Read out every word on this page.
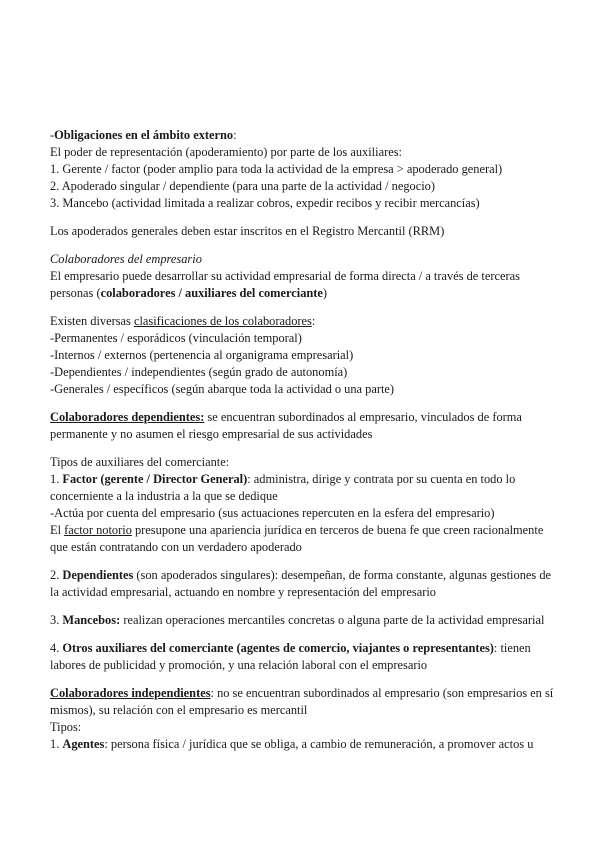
-Obligaciones en el ámbito externo:

El poder de representación (apoderamiento) por parte de los auxiliares:

1. Gerente / factor (poder amplio para toda la actividad de la empresa > apoderado general)

2. Apoderado singular / dependiente (para una parte de la actividad / negocio)

3. Mancebo (actividad limitada a realizar cobros, expedir recibos y recibir mercancías)

Los apoderados generales deben estar inscritos en el Registro Mercantil (RRM)

Colaboradores del empresario

El empresario puede desarrollar su actividad empresarial de forma directa / a través de terceras personas (colaboradores / auxiliares del comerciante)

Existen diversas clasificaciones de los colaboradores:

-Permanentes / esporádicos (vinculación temporal)

-Internos / externos (pertenencia al organigrama empresarial)

-Dependientes / independientes (según grado de autonomía)

-Generales / específicos (según abarque toda la actividad o una parte)

Colaboradores dependientes: se encuentran subordinados al empresario, vinculados de forma permanente y no asumen el riesgo empresarial de sus actividades

Tipos de auxiliares del comerciante:

1. Factor (gerente / Director General): administra, dirige y contrata por su cuenta en todo lo concerniente a la industria a la que se dedique

-Actúa por cuenta del empresario (sus actuaciones repercuten en la esfera del empresario)

El factor notorio presupone una apariencia jurídica en terceros de buena fe que creen racionalmente que están contratando con un verdadero apoderado

2. Dependientes (son apoderados singulares): desempeñan, de forma constante, algunas gestiones de la actividad empresarial, actuando en nombre y representación del empresario

3. Mancebos: realizan operaciones mercantiles concretas o alguna parte de la actividad empresarial

4. Otros auxiliares del comerciante (agentes de comercio, viajantes o representantes): tienen labores de publicidad y promoción, y una relación laboral con el empresario

Colaboradores independientes: no se encuentran subordinados al empresario (son empresarios en sí mismos), su relación con el empresario es mercantil

Tipos:

1. Agentes: persona física / jurídica que se obliga, a cambio de remuneración, a promover actos u
